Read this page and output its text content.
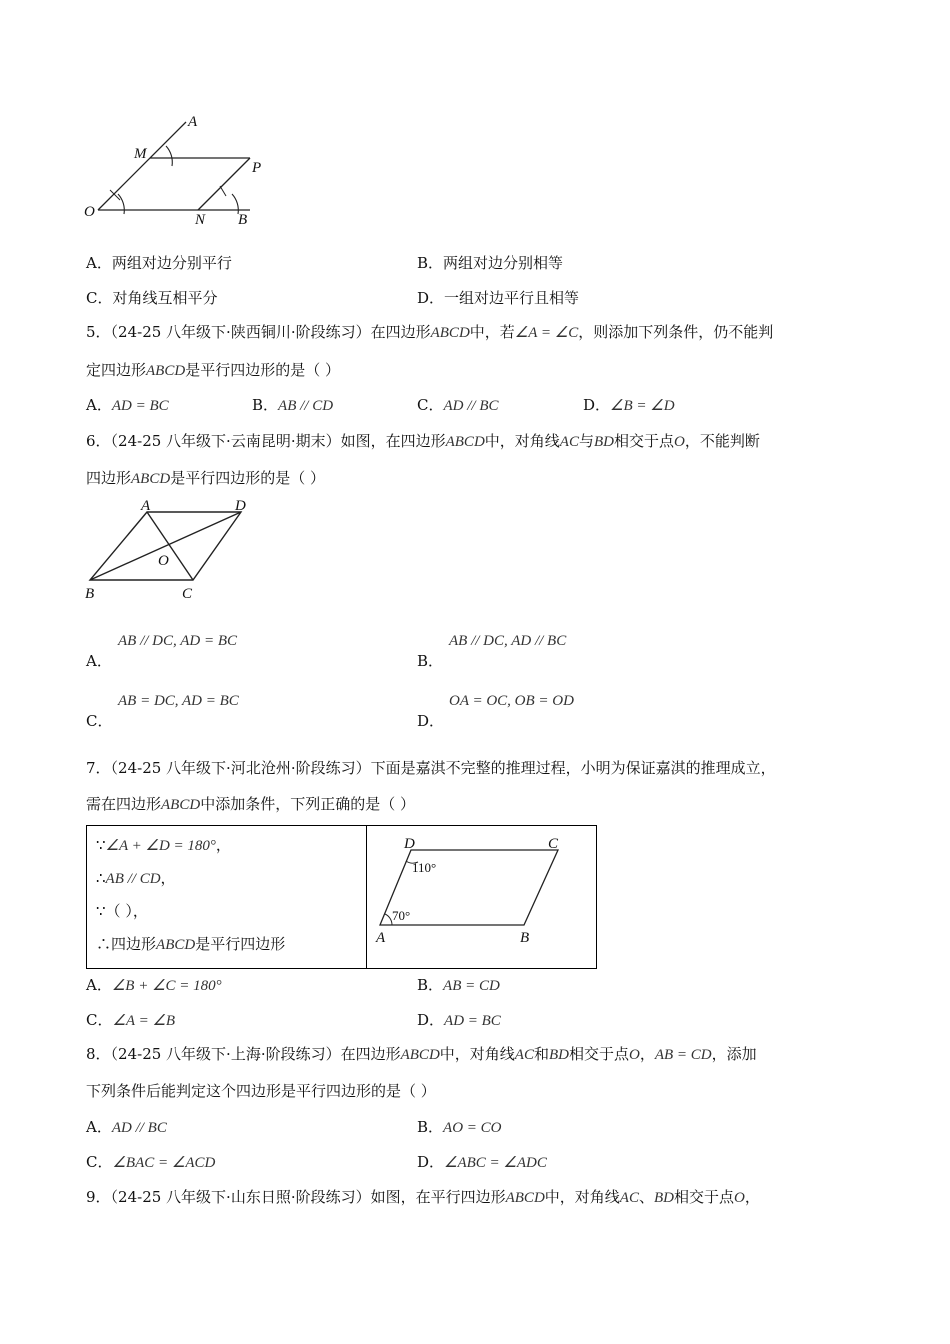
A
M
P
O	N B
A．两组对边分别平行	B．两组对边分别相等
C．对角线互相平分	D．一组对边平行且相等
5．（24-25 八年级下·陕西铜川·阶段练习）在四边形ABCD中，若∠A = ∠C，则添加下列条件，仍不能判
定四边形ABCD是平行四边形的是（ ）
A．AD = BC	B．AB // CD	C．AD // BC	D．∠B = ∠D
6．（24-25 八年级下·云南昆明·期末）如图，在四边形ABCD中，对角线AC与BD相交于点O，不能判断
四边形ABCD是平行四边形的是（ ）
A	D
O
B	C
AB // DC, AD = BC
A．
AB // DC, AD // BC
B．
AB = DC, AD = BC
C．
OA = OC, OB = OD
D．
7．（24-25 八年级下·河北沧州·阶段练习）下面是嘉淇不完整的推理过程，小明为保证嘉淇的推理成立，
需在四边形ABCD中添加条件，下列正确的是（ ）
∵∠A + ∠D = 180°，
∴AB // CD，
∵（ ），
∴四边形ABCD是平行四边形
D	C
A	B
110°
70°
A．∠B + ∠C = 180°	B．AB = CD
C．∠A = ∠B	D．AD = BC
8．（24-25 八年级下·上海·阶段练习）在四边形ABCD中，对角线AC和BD相交于点O，AB = CD，添加
下列条件后能判定这个四边形是平行四边形的是（ ）
A．AD // BC	B．AO = CO
C．∠BAC = ∠ACD	D．∠ABC = ∠ADC
9．（24-25 八年级下·山东日照·阶段练习）如图，在平行四边形ABCD中，对角线AC、BD相交于点O，
